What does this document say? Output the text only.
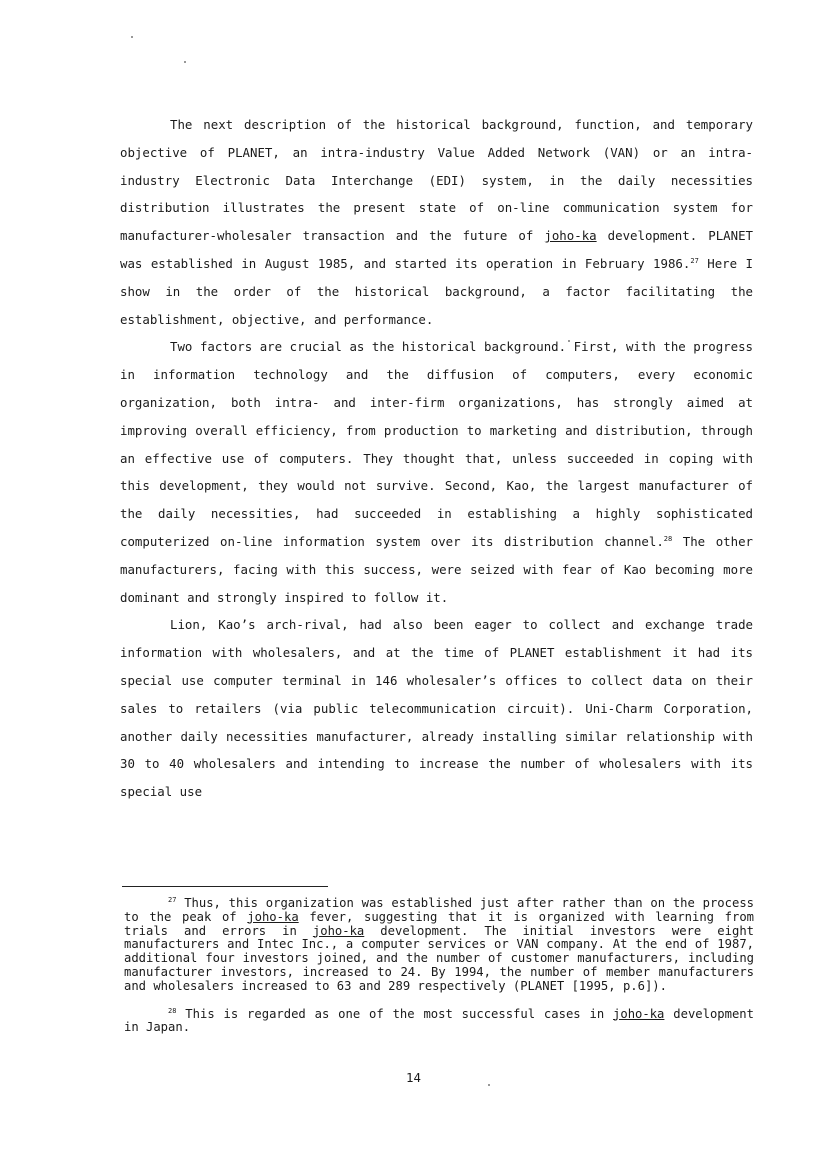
The next description of the historical background, function, and temporary objective of PLANET, an intra-industry Value Added Network (VAN) or an intra-industry Electronic Data Interchange (EDI) system, in the daily necessities distribution illustrates the present state of on-line communication system for manufacturer-wholesaler transaction and the future of joho-ka development. PLANET was established in August 1985, and started its operation in February 1986.27 Here I show in the order of the historical background, a factor facilitating the establishment, objective, and performance.

Two factors are crucial as the historical background. First, with the progress in information technology and the diffusion of computers, every economic organization, both intra- and inter-firm organizations, has strongly aimed at improving overall efficiency, from production to marketing and distribution, through an effective use of computers. They thought that, unless succeeded in coping with this development, they would not survive. Second, Kao, the largest manufacturer of the daily necessities, had succeeded in establishing a highly sophisticated computerized on-line information system over its distribution channel.$^{28}$ The other manufacturers, facing with this success, were seized with fear of Kao becoming more dominant and strongly inspired to follow it.

Lion, Kao’s arch-rival, had also been eager to collect and exchange trade information with wholesalers, and at the time of PLANET establishment it had its special use computer terminal in 146 wholesaler’s offices to collect data on their sales to retailers (via public telecommunication circuit). Uni-Charm Corporation, another daily necessities manufacturer, already installing similar relationship with 30 to 40 wholesalers and intending to increase the number of wholesalers with its special use

$^{27}$ Thus, this organization was established just after rather than on the process to the peak of joho-ka fever, suggesting that it is organized with learning from trials and errors in joho-ka development. The initial investors were eight manufacturers and Intec Inc., a computer services or VAN company. At the end of 1987, additional four investors joined, and the number of customer manufacturers, including manufacturer investors, increased to 24. By 1994, the number of member manufacturers and wholesalers increased to 63 and 289 respectively (PLANET [1995, p.6]).

$^{28}$ This is regarded as one of the most successful cases in joho-ka development in Japan.

14
